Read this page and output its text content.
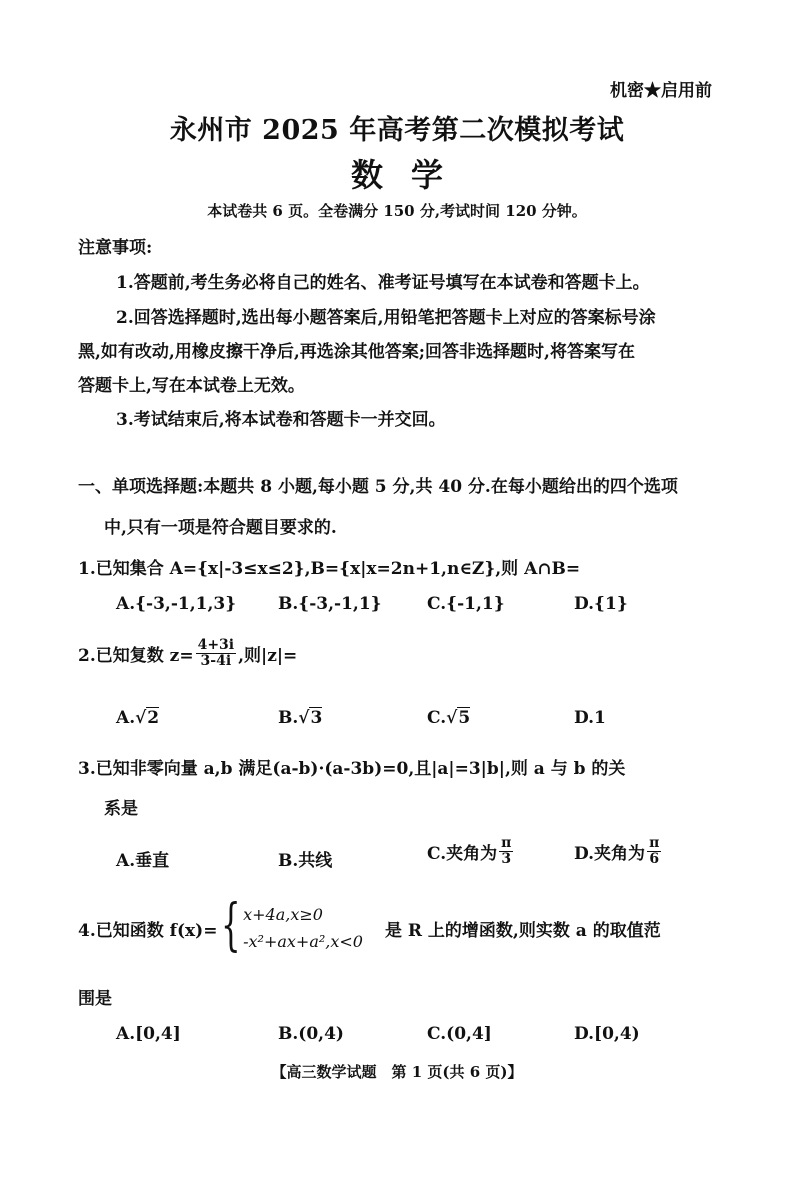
机密★启用前
永州市 2025 年高考第二次模拟考试
数学
本试卷共 6 页。全卷满分 150 分,考试时间 120 分钟。
注意事项:
1.答题前,考生务必将自己的姓名、准考证号填写在本试卷和答题卡上。
2.回答选择题时,选出每小题答案后,用铅笔把答题卡上对应的答案标号涂
黑,如有改动,用橡皮擦干净后,再选涂其他答案;回答非选择题时,将答案写在
答题卡上,写在本试卷上无效。
3.考试结束后,将本试卷和答题卡一并交回。
一、单项选择题:本题共 8 小题,每小题 5 分,共 40 分.在每小题给出的四个选项
中,只有一项是符合题目要求的.
1.已知集合 A={x|-3≤x≤2},B={x|x=2n+1,n∈Z},则 A∩B=
A.{-3,-1,1,3} B.{-3,-1,1}	C.{-1,1}	D.{1}
2.已知复数 $z= \frac{4+3i}{3-4i}$ ,则|z|=
A.√2	B.√3	C.√5	D.1
3.已知非零向量 a,b 满足(a-b)·(a-3b)=0,且|a|=3|b|,则 a 与 b 的关
系是
A.垂直	B.共线	C.夹角为 $\frac{\pi}{3}$	D.夹角为 $\frac{\pi}{6}$
4.已知函数 f(x)= { x+4a,x≥0
-x²+ax+a²,x<0
是 R 上的增函数,则实数 a 的取值范
围是
A.[0,4]	B.(0,4)	C.(0,4]	D.[0,4)
【高三数学试题　第 1 页(共 6 页)】
